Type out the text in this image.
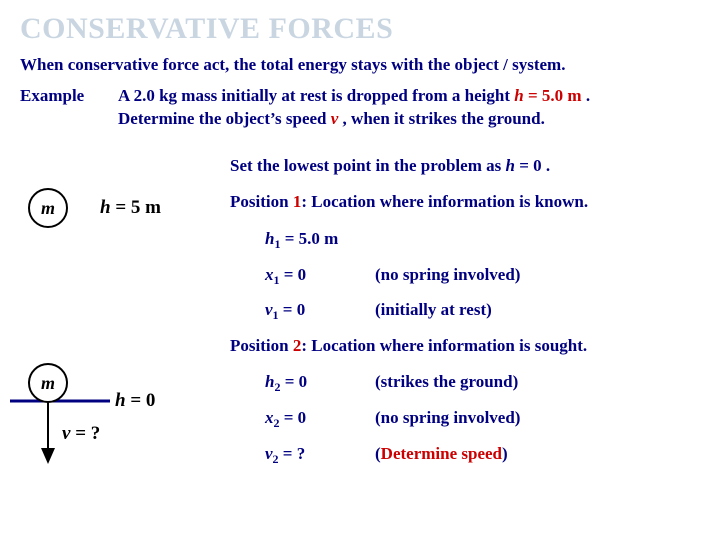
CONSERVATIVE FORCES
When conservative force act, the total energy stays with the object / system.
Example A 2.0 kg mass initially at rest is dropped from a height h = 5.0 m .
Determine the object’s speed v , when it strikes the ground.
Set the lowest point in the problem as h = 0 .
m h = 5 m	Position 1: Location where information is known.
$h_1 = 5.0$ m
$x_1 = 0$	(no spring involved)
$v_1 = 0$	(initially at rest)
Position 2: Location where information is sought.
$h_2 = 0$	(strikes the ground)
$x_2 = 0$	(no spring involved)
$v_2$ = ?	(Determine speed)
m
h = 0
v = ?
